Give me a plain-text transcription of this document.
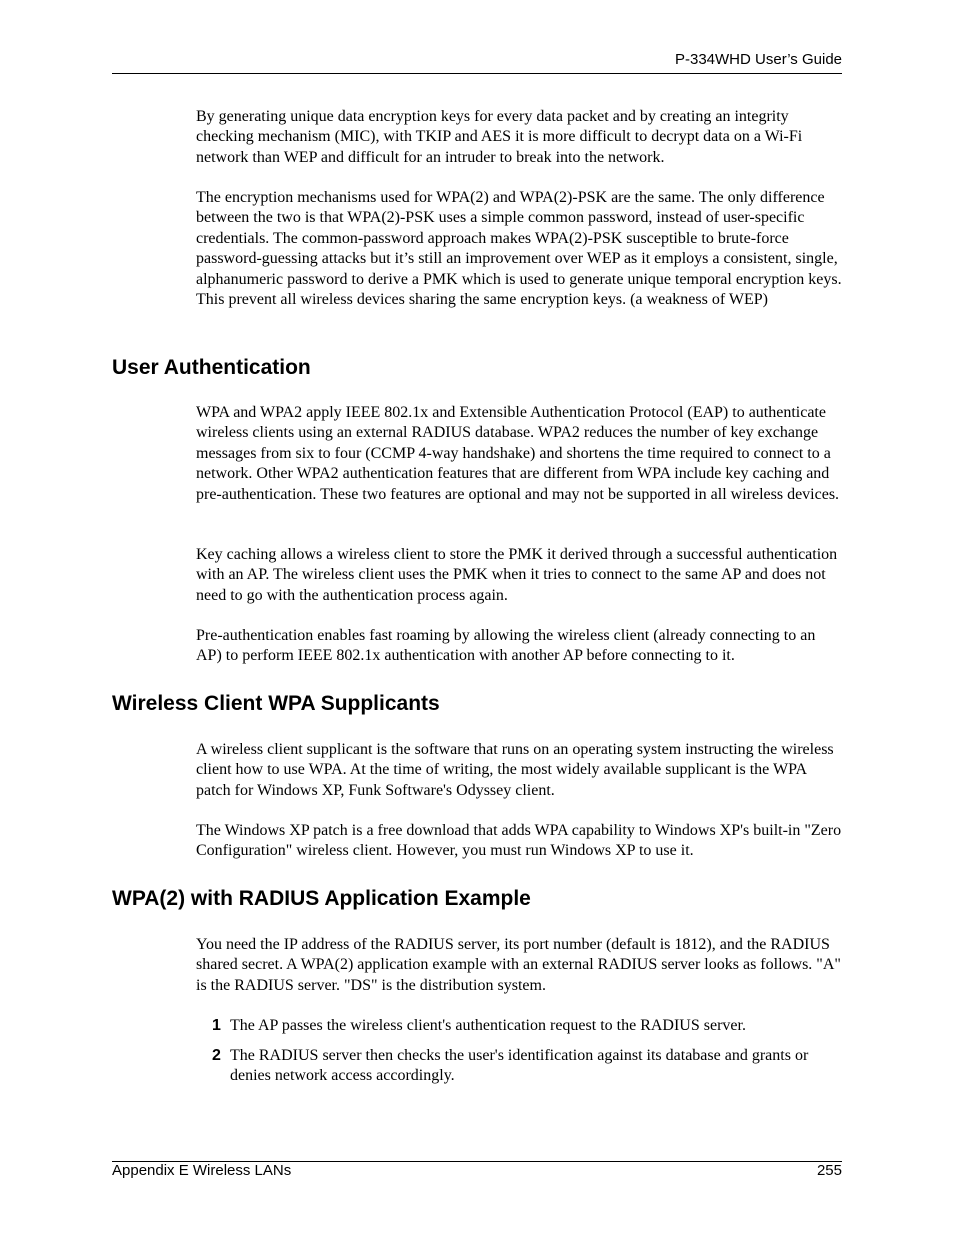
P-334WHD User’s Guide

By generating unique data encryption keys for every data packet and by creating an integrity checking mechanism (MIC), with TKIP and AES it is more difficult to decrypt data on a Wi-Fi network than WEP and difficult for an intruder to break into the network.

The encryption mechanisms used for WPA(2) and WPA(2)-PSK are the same. The only difference between the two is that WPA(2)-PSK uses a simple common password, instead of user-specific credentials. The common-password approach makes WPA(2)-PSK susceptible to brute-force password-guessing attacks but it’s still an improvement over WEP as it employs a consistent, single, alphanumeric password to derive a PMK which is used to generate unique temporal encryption keys. This prevent all wireless devices sharing the same encryption keys. (a weakness of WEP)

User Authentication

WPA and WPA2 apply IEEE 802.1x and Extensible Authentication Protocol (EAP) to authenticate wireless clients using an external RADIUS database. WPA2 reduces the number of key exchange messages from six to four (CCMP 4-way handshake) and shortens the time required to connect to a network. Other WPA2 authentication features that are different from WPA include key caching and pre-authentication. These two features are optional and may not be supported in all wireless devices.

Key caching allows a wireless client to store the PMK it derived through a successful authentication with an AP. The wireless client uses the PMK when it tries to connect to the same AP and does not need to go with the authentication process again.

Pre-authentication enables fast roaming by allowing the wireless client (already connecting to an AP) to perform IEEE 802.1x authentication with another AP before connecting to it.

Wireless Client WPA Supplicants

A wireless client supplicant is the software that runs on an operating system instructing the wireless client how to use WPA. At the time of writing, the most widely available supplicant is the WPA patch for Windows XP, Funk Software's Odyssey client.

The Windows XP patch is a free download that adds WPA capability to Windows XP's built-in "Zero Configuration" wireless client. However, you must run Windows XP to use it.

WPA(2) with RADIUS Application Example

You need the IP address of the RADIUS server, its port number (default is 1812), and the RADIUS shared secret. A WPA(2) application example with an external RADIUS server looks as follows. "A" is the RADIUS server. "DS" is the distribution system.

1 The AP passes the wireless client's authentication request to the RADIUS server.
2 The RADIUS server then checks the user's identification against its database and grants or denies network access accordingly.
Appendix E Wireless LANs	255
